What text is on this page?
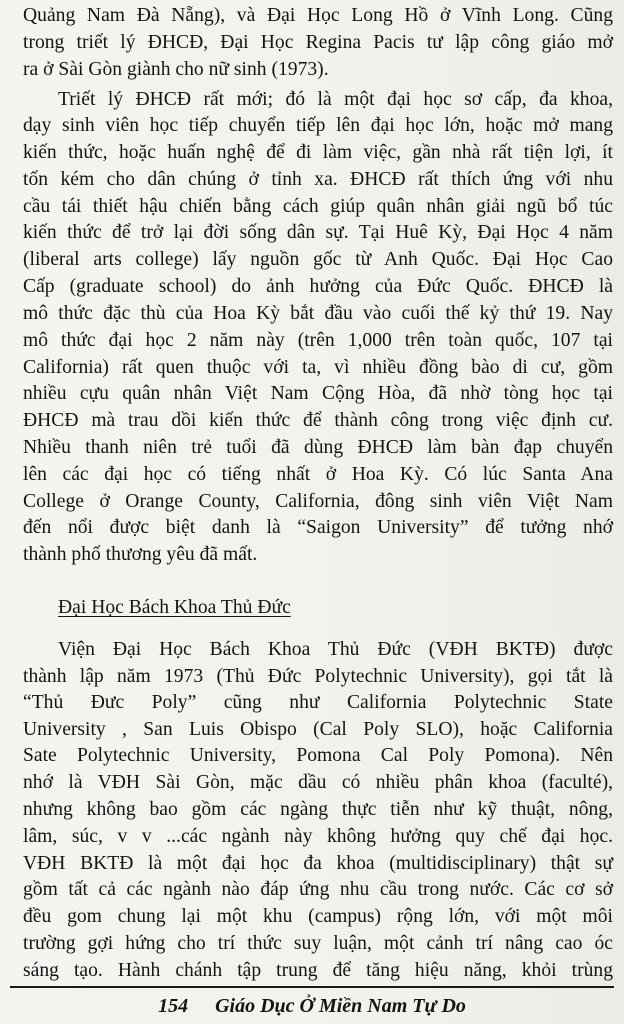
Quảng Nam Đà Nẵng), và Đại Học Long Hồ ở Vĩnh Long. Cũng
trong triết lý ĐHCĐ, Đại Học Regina Pacis tư lập công giáo mở
ra ở Sài Gòn giành cho nữ sinh (1973).
Triết lý ĐHCĐ rất mới; đó là một đại học sơ cấp, đa khoa,
dạy sinh viên học tiếp chuyển tiếp lên đại học lớn, hoặc mở mang
kiến thức, hoặc huấn nghệ để đi làm việc, gần nhà rất tiện lợi, ít
tốn kém cho dân chúng ở tỉnh xa. ĐHCĐ rất thích ứng với nhu
cầu tái thiết hậu chiến bằng cách giúp quân nhân giải ngũ bổ túc
kiến thức để trở lại đời sống dân sự. Tại Huê Kỳ, Đại Học 4 năm
(liberal arts college) lấy nguồn gốc từ Anh Quốc. Đại Học Cao
Cấp (graduate school) do ảnh hưởng của Đức Quốc. ĐHCĐ là
mô thức đặc thù của Hoa Kỳ bắt đầu vào cuối thế kỷ thứ 19. Nay
mô thức đại học 2 năm này (trên 1,000 trên toàn quốc, 107 tại
California) rất quen thuộc với ta, vì nhiều đồng bào di cư, gồm
nhiều cựu quân nhân Việt Nam Cộng Hòa, đã nhờ tòng học tại
ĐHCĐ mà trau dồi kiến thức để thành công trong việc định cư.
Nhiều thanh niên trẻ tuổi đã dùng ĐHCĐ làm bàn đạp chuyển
lên các đại học có tiếng nhất ở Hoa Kỳ. Có lúc Santa Ana
College ở Orange County, California, đông sinh viên Việt Nam
đến nổi được biệt danh là “Saigon University” để tưởng nhớ
thành phố thương yêu đã mất.
Đại Học Bách Khoa Thủ Đức
Viện Đại Học Bách Khoa Thủ Đức (VĐH BKTĐ) được
thành lập năm 1973 (Thủ Đức Polytechnic University), gọi tắt là
“Thủ Đưc Poly” cũng như California Polytechnic State
University , San Luis Obispo (Cal Poly SLO), hoặc California
Sate Polytechnic University, Pomona Cal Poly Pomona). Nên
nhớ là VĐH Sài Gòn, mặc dầu có nhiều phân khoa (faculté),
nhưng không bao gồm các ngàng thực tiễn như kỹ thuật, nông,
lâm, súc, v v ...các ngành này không hưởng quy chế đại học.
VĐH BKTĐ là một đại học đa khoa (multidisciplinary) thật sự
gồm tất cả các ngành nào đáp ứng nhu cầu trong nước. Các cơ sở
đều gom chung lại một khu (campus) rộng lớn, với một môi
trường gợi hứng cho trí thức suy luận, một cảnh trí nâng cao óc
sáng tạo. Hành chánh tập trung để tăng hiệu năng, khỏi trùng
154 Giáo Dục Ở Miền Nam Tự Do
